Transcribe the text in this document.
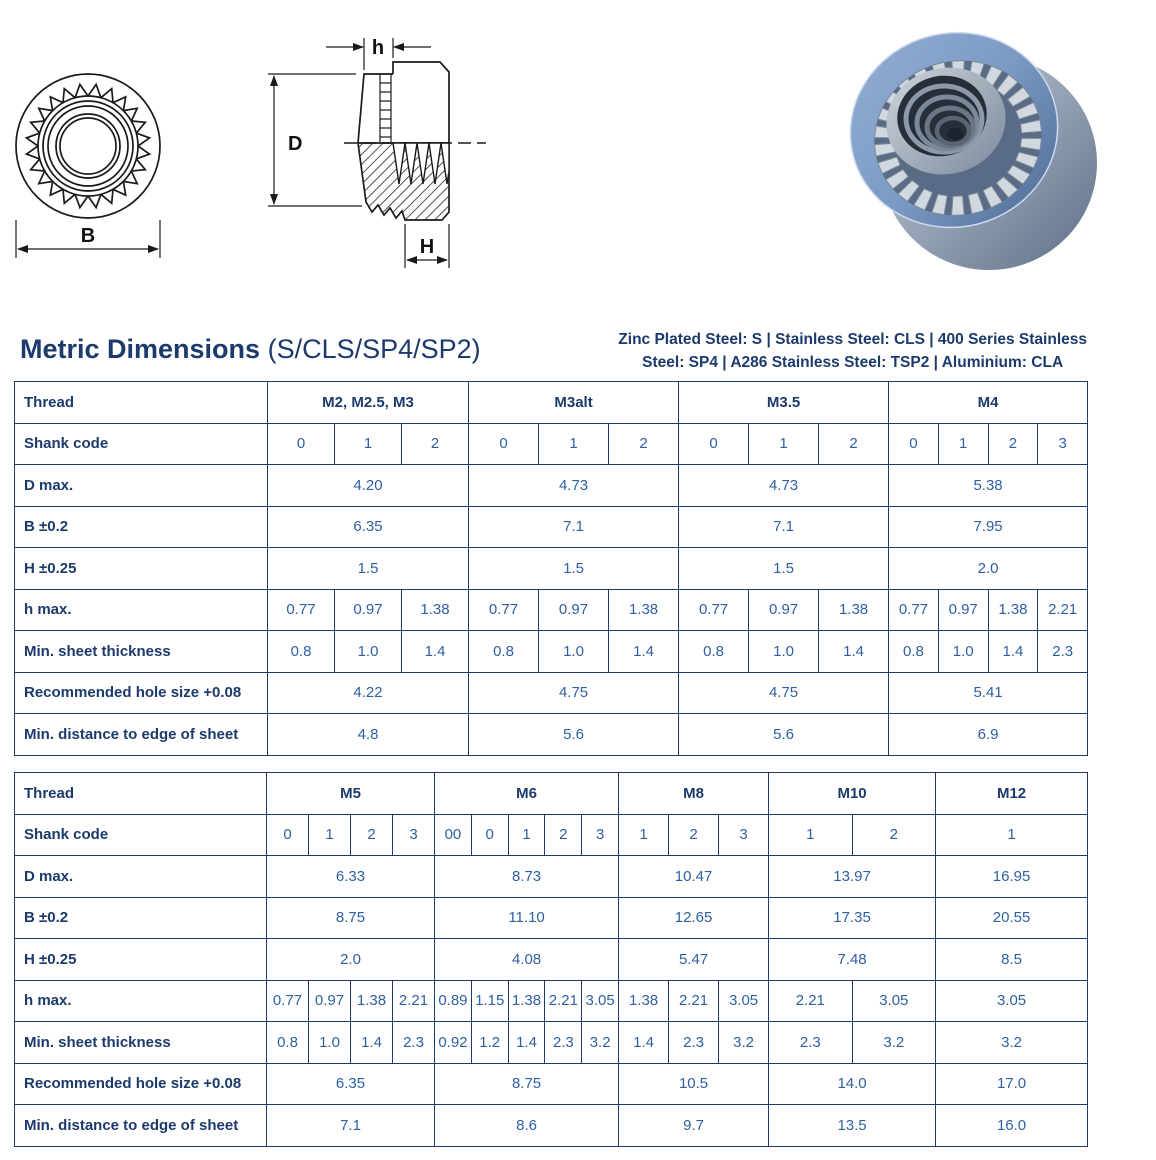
B
D
h
H
Metric Dimensions (S/CLS/SP4/SP2)	Zinc Plated Steel: S | Stainless Steel: CLS | 400 Series Stainless
Steel: SP4 | A286 Stainless Steel: TSP2 | Aluminium: CLA
Thread	M2, M2.5, M3			M3alt			M3.5			M4			
Shank code	0	1	2	0	1	2	0	1	2	0	1	2	3
D max.	4.20			4.73			4.73			5.38			
B ±0.2	6.35			7.1			7.1			7.95			
H ±0.25	1.5			1.5			1.5			2.0			
h max.	0.77	0.97	1.38	0.77	0.97	1.38	0.77	0.97	1.38	0.77	0.97	1.38	2.21
Min. sheet thickness	0.8	1.0	1.4	0.8	1.0	1.4	0.8	1.0	1.4	0.8	1.0	1.4	2.3
Recommended hole size +0.08	4.22			4.75			4.75			5.41			
Min. distance to edge of sheet	4.8			5.6			5.6			6.9			
Thread	M5				M6					M8			M10		M12
Shank code	0	1	2	3	00	0	1	2	3	1	2	3	1	2	1
D max.	6.33				8.73					10.47			13.97		16.95
B ±0.2	8.75				11.10					12.65			17.35		20.55
H ±0.25	2.0				4.08					5.47			7.48		8.5
h max.	0.77	0.97	1.38	2.21	0.89	1.15	1.38	2.21	3.05	1.38	2.21	3.05	2.21	3.05	3.05
Min. sheet thickness	0.8	1.0	1.4	2.3	0.92	1.2	1.4	2.3	3.2	1.4	2.3	3.2	2.3	3.2	3.2
Recommended hole size +0.08	6.35				8.75					10.5			14.0		17.0
Min. distance to edge of sheet	7.1				8.6					9.7			13.5		16.0
